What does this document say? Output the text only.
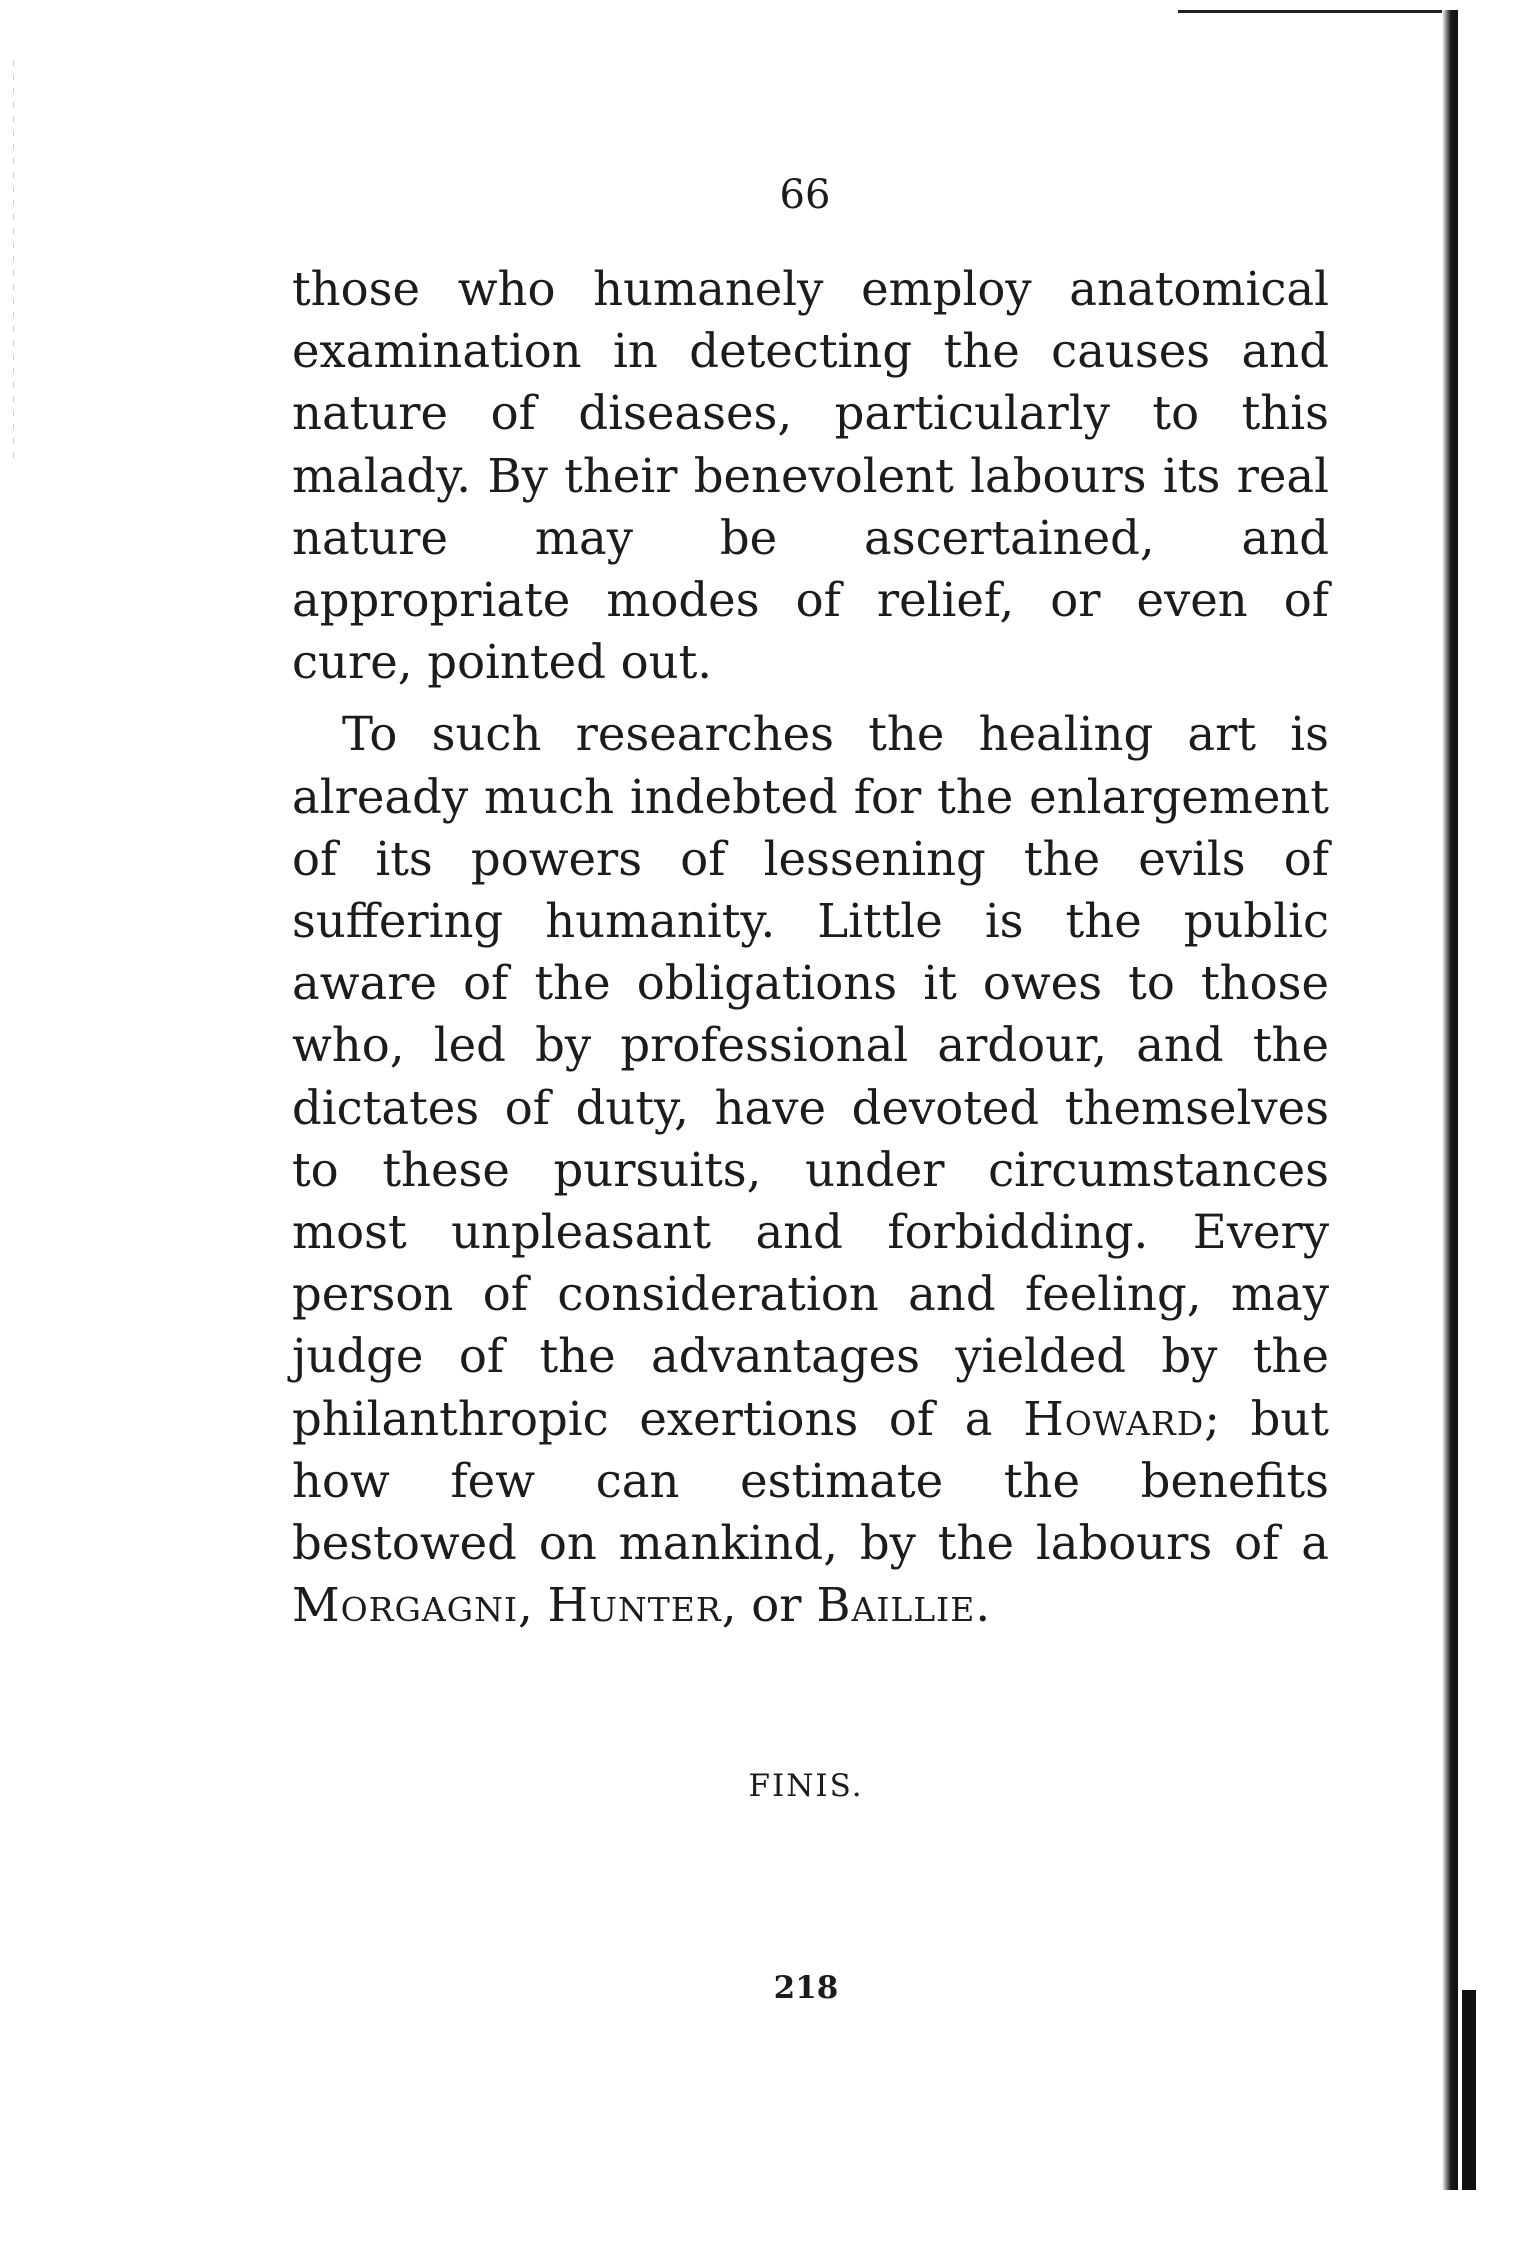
66

those who humanely employ anatomical examination in detecting the causes and nature of diseases, particularly to this malady. By their benevolent labours its real nature may be ascertained, and appropriate modes of relief, or even of cure, pointed out.

To such researches the healing art is already much indebted for the enlargement of its powers of lessening the evils of suffering humanity. Little is the public aware of the obligations it owes to those who, led by professional ardour, and the dictates of duty, have devoted themselves to these pursuits, under circumstances most unpleasant and forbidding. Every person of consideration and feeling, may judge of the advantages yielded by the philanthropic exertions of a Howard; but how few can estimate the benefits bestowed on mankind, by the labours of a Morgagni, Hunter, or Baillie.

FINIS.
218
